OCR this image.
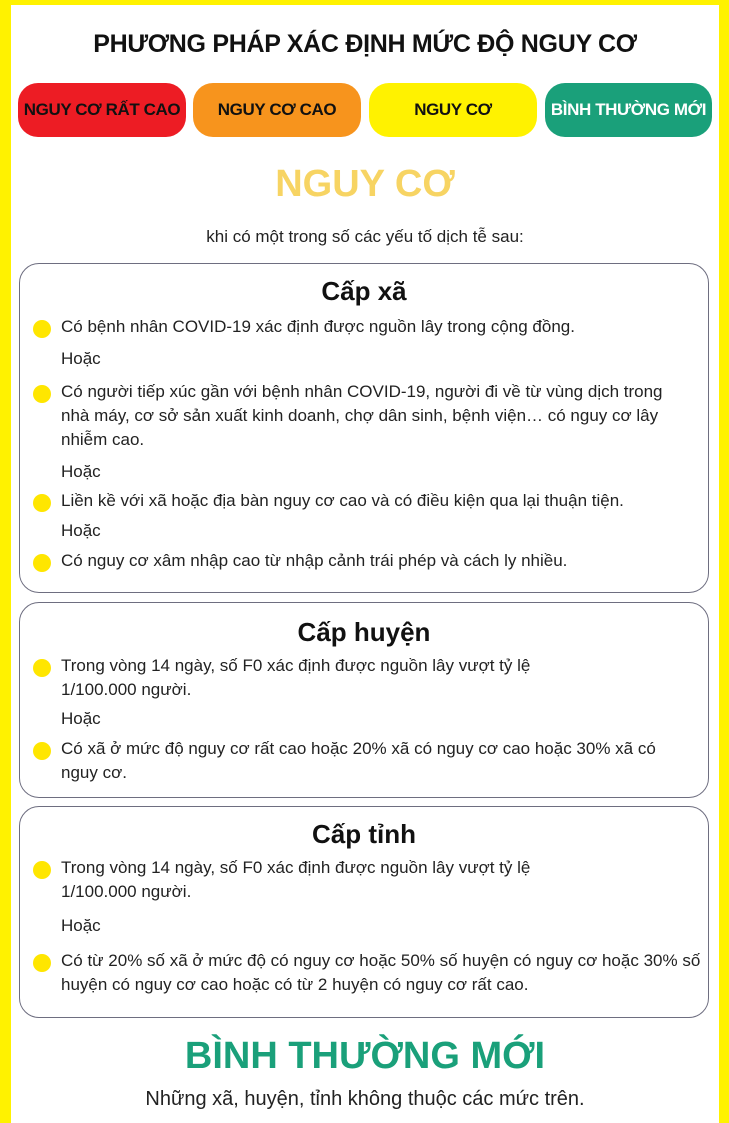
PHƯƠNG PHÁP XÁC ĐỊNH MỨC ĐỘ NGUY CƠ
NGUY CƠ RẤT CAO	NGUY CƠ CAO	NGUY CƠ	BÌNH THƯỜNG MỚI
NGUY CƠ
khi có một trong số các yếu tố dịch tễ sau:
Cấp xã
Có bệnh nhân COVID-19 xác định được nguồn lây trong cộng đồng.
Hoặc
Có người tiếp xúc gần với bệnh nhân COVID-19, người đi về từ vùng dịch trong nhà máy, cơ sở sản xuất kinh doanh, chợ dân sinh, bệnh viện… có nguy cơ lây nhiễm cao.
Hoặc
Liền kề với xã hoặc địa bàn nguy cơ cao và có điều kiện qua lại thuận tiện.
Hoặc
Có nguy cơ xâm nhập cao từ nhập cảnh trái phép và cách ly nhiều.
Cấp huyện
Trong vòng 14 ngày, số F0 xác định được nguồn lây vượt tỷ lệ 1/100.000 người.
Hoặc
Có xã ở mức độ nguy cơ rất cao hoặc 20% xã có nguy cơ cao hoặc 30% xã có nguy cơ.
Cấp tỉnh
Trong vòng 14 ngày, số F0 xác định được nguồn lây vượt tỷ lệ 1/100.000 người.
Hoặc
Có từ 20% số xã ở mức độ có nguy cơ hoặc 50% số huyện có nguy cơ hoặc 30% số huyện có nguy cơ cao hoặc có từ 2 huyện có nguy cơ rất cao.
BÌNH THƯỜNG MỚI
Những xã, huyện, tỉnh không thuộc các mức trên.
